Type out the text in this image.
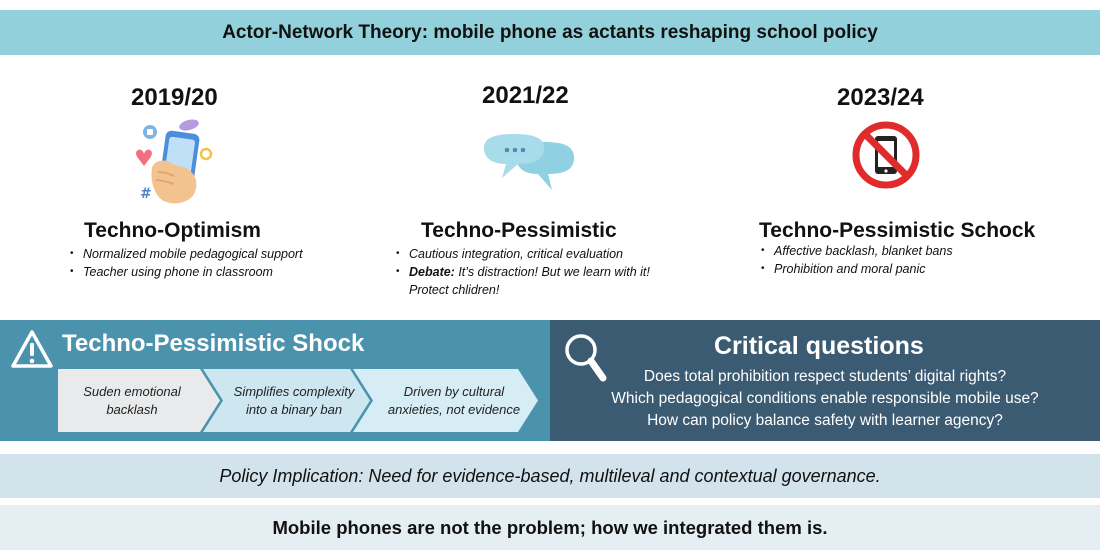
Actor-Network Theory: mobile phone as actants reshaping school policy
2019/20
#
Techno-Optimism
• Normalized mobile pedagogical support
• Teacher using phone in classroom
2021/22
Techno-Pessimistic
• Cautious integration, critical evaluation
• Debate: It’s distraction! But we learn with it!
Protect chlidren!
2023/24
Techno-Pessimistic Schock
• Affective backlash, blanket bans
• Prohibition and moral panic
Techno-Pessimistic Shock
Suden emotional
backlash
Simplifies complexity
into a binary ban
Driven by cultural
anxieties, not evidence
Critical questions
Does total prohibition respect students’ digital rights?
Which pedagogical conditions enable responsible mobile use?
How can policy balance safety with learner agency?
Policy Implication: Need for evidence-based, multileval and contextual governance.
Mobile phones are not the problem; how we integrated them is.
